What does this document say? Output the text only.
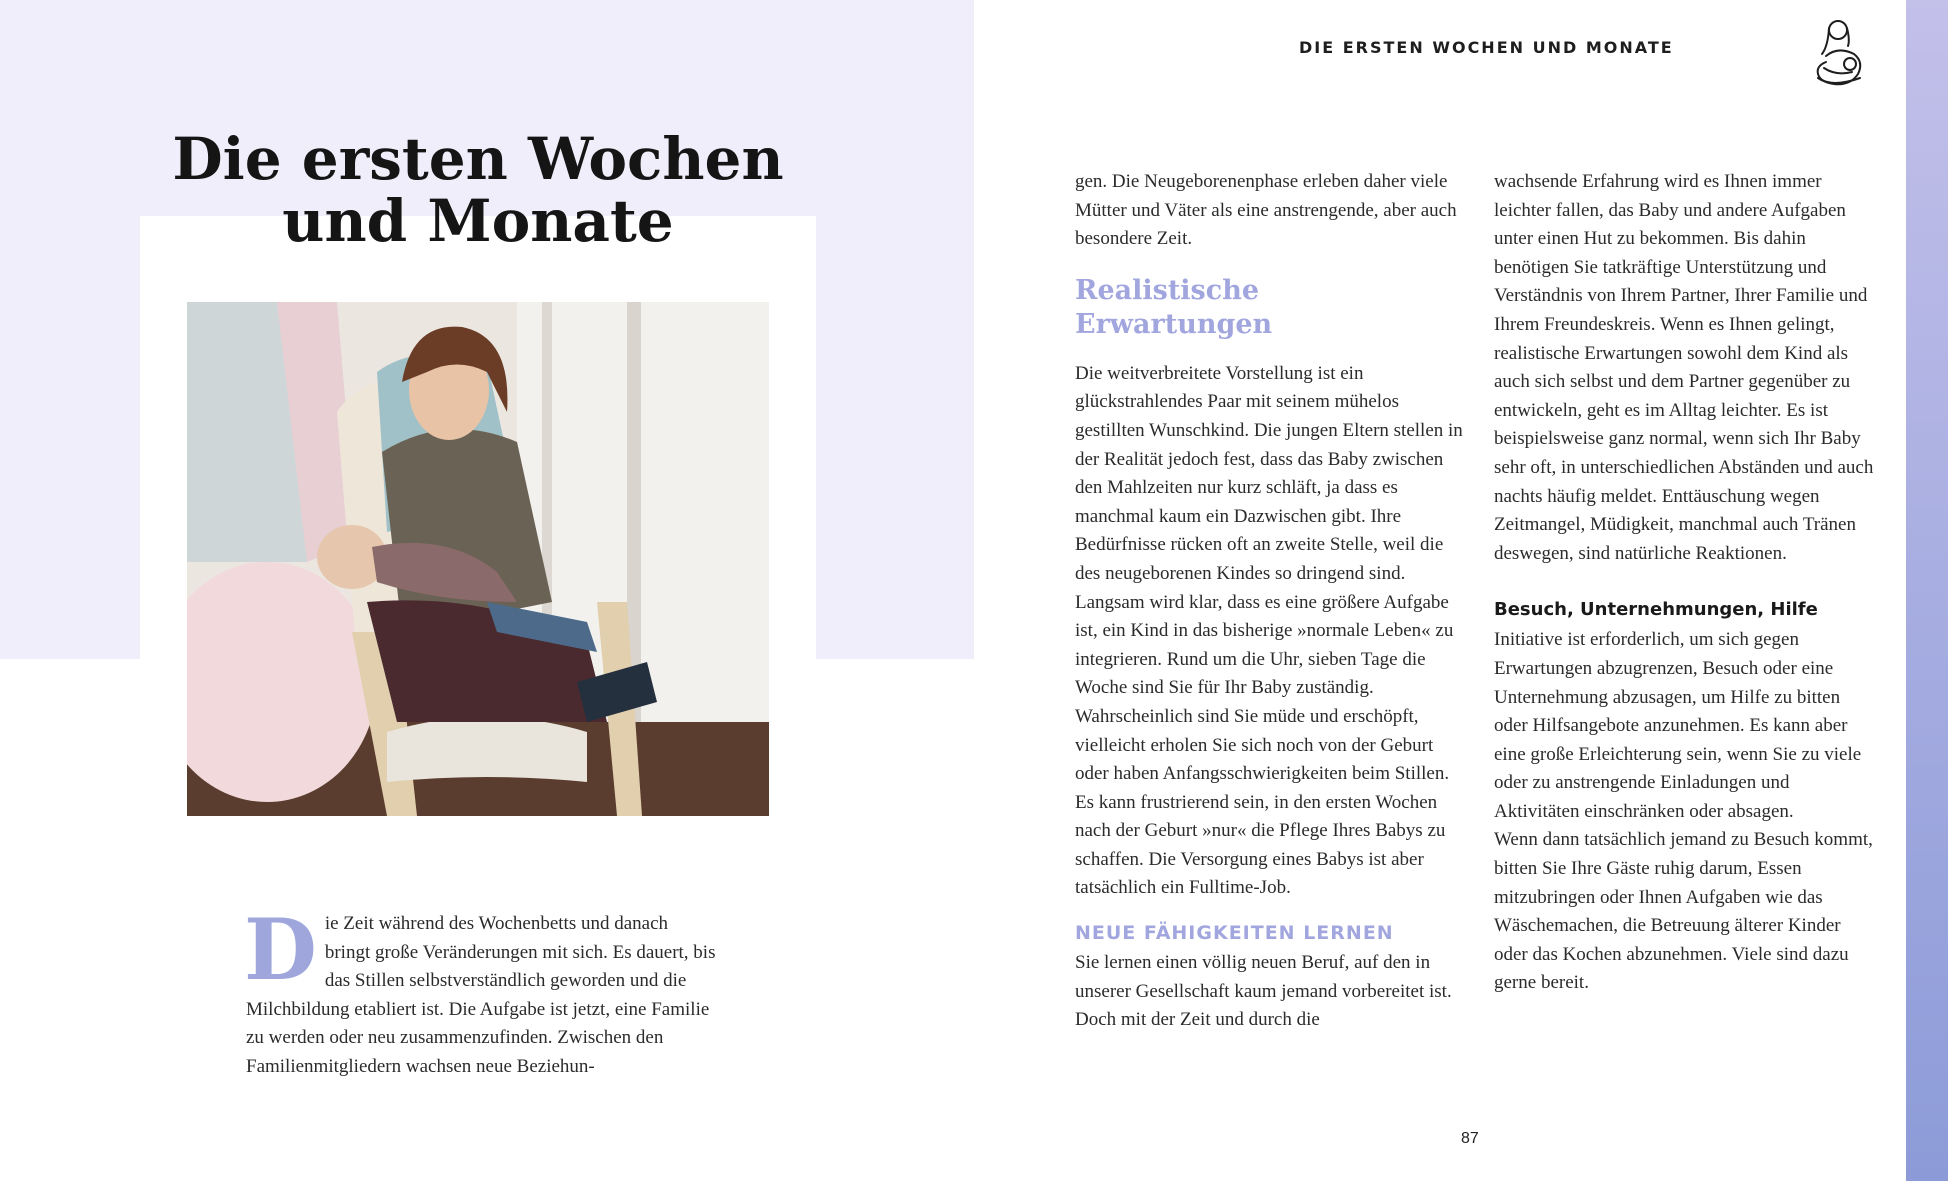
Die ersten Wochen
und Monate
D ie Zeit während des Wochenbetts und danach bringt große Veränderungen mit sich. Es dauert, bis das Stillen selbstverständlich geworden und die Milchbildung etabliert ist. Die Aufgabe ist jetzt, eine Familie zu werden oder neu zusammenzufinden. Zwischen den Familienmitgliedern wachsen neue Beziehun-

DIE ERSTEN WOCHEN UND MONATE

gen. Die Neugeborenenphase erleben daher viele Mütter und Väter als eine anstrengende, aber auch besondere Zeit.

Realistische Erwartungen

Die weitverbreitete Vorstellung ist ein glückstrahlendes Paar mit seinem mühelos gestillten Wunschkind. Die jungen Eltern stellen in der Realität jedoch fest, dass das Baby zwischen den Mahlzeiten nur kurz schläft, ja dass es manchmal kaum ein Dazwischen gibt. Ihre Bedürfnisse rücken oft an zweite Stelle, weil die des neugeborenen Kindes so dringend sind.

Langsam wird klar, dass es eine größere Aufgabe ist, ein Kind in das bisherige »normale Leben« zu integrieren. Rund um die Uhr, sieben Tage die Woche sind Sie für Ihr Baby zuständig. Wahrscheinlich sind Sie müde und erschöpft, vielleicht erholen Sie sich noch von der Geburt oder haben Anfangsschwierigkeiten beim Stillen. Es kann frustrierend sein, in den ersten Wochen nach der Geburt »nur« die Pflege Ihres Babys zu schaffen. Die Versorgung eines Babys ist aber tatsächlich ein Fulltime-Job.

NEUE FÄHIGKEITEN LERNEN

Sie lernen einen völlig neuen Beruf, auf den in unserer Gesellschaft kaum jemand vorbereitet ist. Doch mit der Zeit und durch die

wachsende Erfahrung wird es Ihnen immer leichter fallen, das Baby und andere Aufgaben unter einen Hut zu bekommen. Bis dahin benötigen Sie tatkräftige Unterstützung und Verständnis von Ihrem Partner, Ihrer Familie und Ihrem Freundeskreis. Wenn es Ihnen gelingt, realistische Erwartungen sowohl dem Kind als auch sich selbst und dem Partner gegenüber zu entwickeln, geht es im Alltag leichter. Es ist beispielsweise ganz normal, wenn sich Ihr Baby sehr oft, in unterschiedlichen Abständen und auch nachts häufig meldet. Enttäuschung wegen Zeitmangel, Müdigkeit, manchmal auch Tränen deswegen, sind natürliche Reaktionen.

Besuch, Unternehmungen, Hilfe

Initiative ist erforderlich, um sich gegen Erwartungen abzugrenzen, Besuch oder eine Unternehmung abzusagen, um Hilfe zu bitten oder Hilfsangebote anzunehmen. Es kann aber eine große Erleichterung sein, wenn Sie zu viele oder zu anstrengende Einladungen und Aktivitäten einschränken oder absagen.

Wenn dann tatsächlich jemand zu Besuch kommt, bitten Sie Ihre Gäste ruhig darum, Essen mitzubringen oder Ihnen Aufgaben wie das Wäschemachen, die Betreuung älterer Kinder oder das Kochen abzunehmen. Viele sind dazu gerne bereit.

87
